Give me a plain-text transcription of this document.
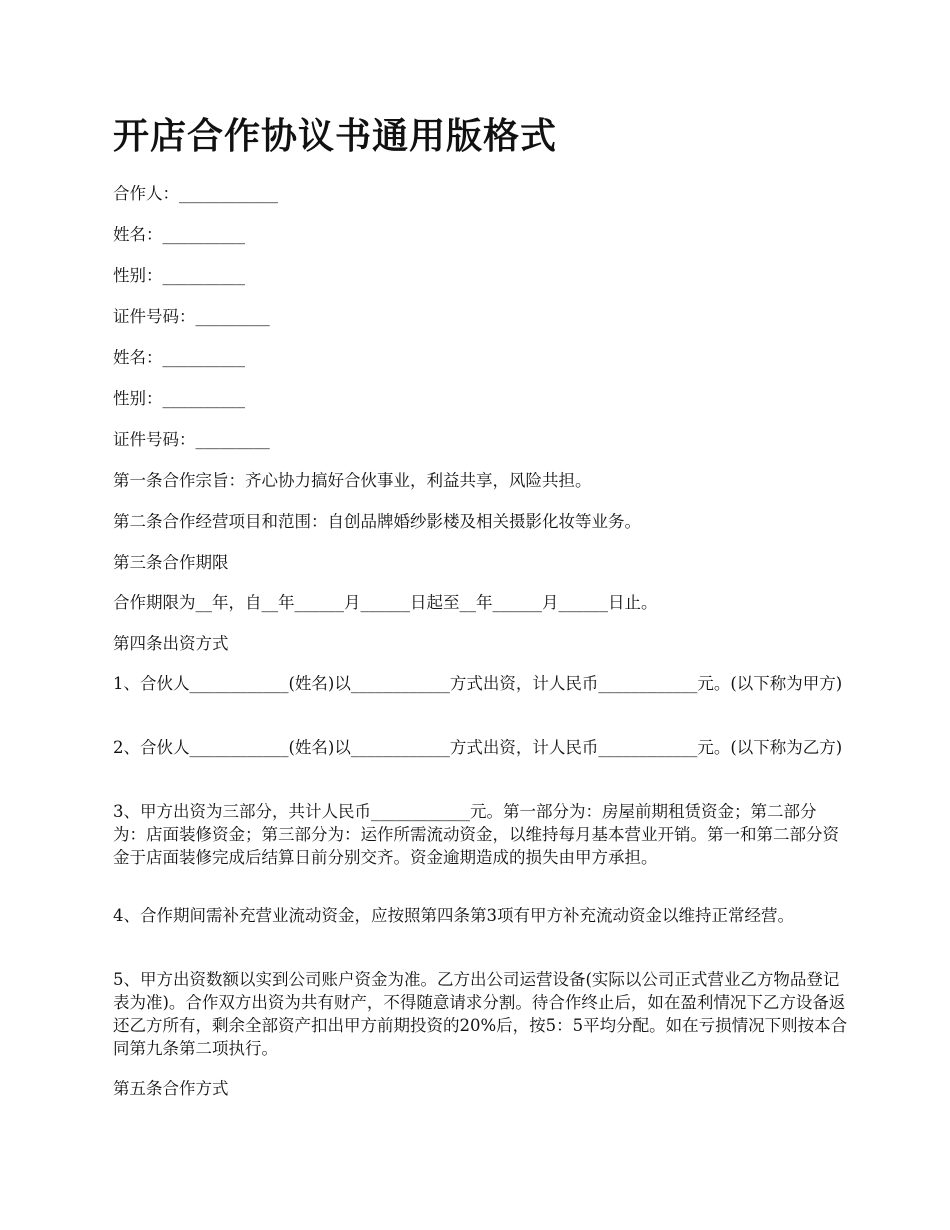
开店合作协议书通用版格式

合作人：____________

姓名：__________

性别：__________

证件号码：_________

姓名：__________

性别：__________

证件号码：_________

第一条合作宗旨：齐心协力搞好合伙事业，利益共享，风险共担。

第二条合作经营项目和范围：自创品牌婚纱影楼及相关摄影化妆等业务。

第三条合作期限

合作期限为__年，自__年______月______日起至__年______月______日止。

第四条出资方式

1、合伙人____________(姓名)以____________方式出资，计人民币____________元。(以下称为甲方)

2、合伙人____________(姓名)以____________方式出资，计人民币____________元。(以下称为乙方)

3、甲方出资为三部分，共计人民币____________元。第一部分为：房屋前期租赁资金；第二部分为：店面装修资金；第三部分为：运作所需流动资金，以维持每月基本营业开销。第一和第二部分资金于店面装修完成后结算日前分别交齐。资金逾期造成的损失由甲方承担。

4、合作期间需补充营业流动资金，应按照第四条第3项有甲方补充流动资金以维持正常经营。

5、甲方出资数额以实到公司账户资金为准。乙方出公司运营设备(实际以公司正式营业乙方物品登记表为准)。合作双方出资为共有财产，不得随意请求分割。待合作终止后，如在盈利情况下乙方设备返还乙方所有，剩余全部资产扣出甲方前期投资的20%后，按5：5平均分配。如在亏损情况下则按本合同第九条第二项执行。

第五条合作方式
